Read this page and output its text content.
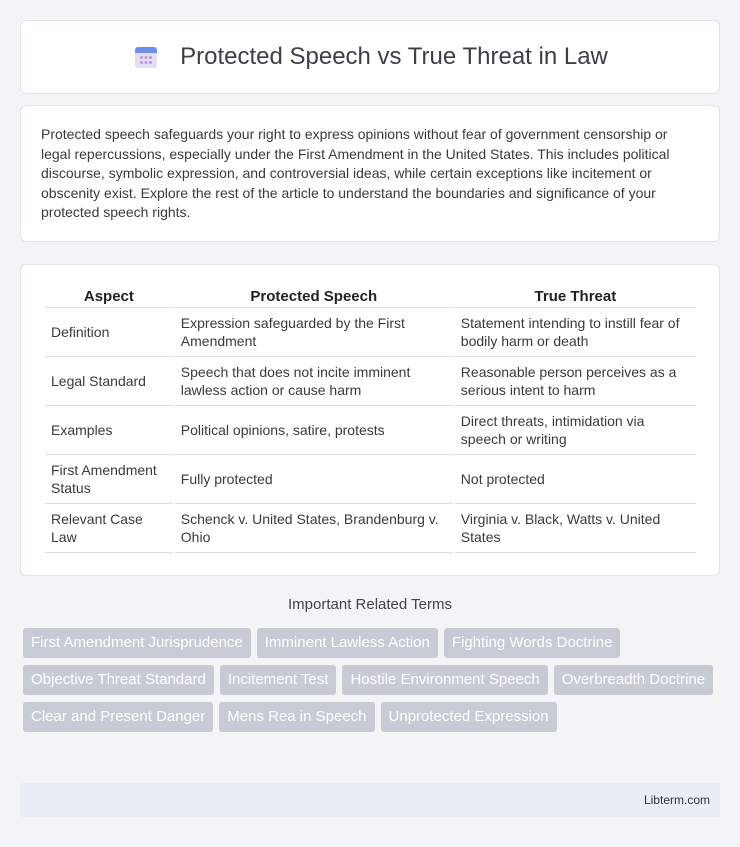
Protected Speech vs True Threat in Law

Protected speech safeguards your right to express opinions without fear of government censorship or legal repercussions, especially under the First Amendment in the United States. This includes political discourse, symbolic expression, and controversial ideas, while certain exceptions like incitement or obscenity exist. Explore the rest of the article to understand the boundaries and significance of your protected speech rights.

Aspect	Protected Speech	True Threat
Definition	Expression safeguarded by the First Amendment	Statement intending to instill fear of bodily harm or death
Legal Standard	Speech that does not incite imminent lawless action or cause harm	Reasonable person perceives as a serious intent to harm
Examples	Political opinions, satire, protests	Direct threats, intimidation via speech or writing
First Amendment Status	Fully protected	Not protected
Relevant Case Law	Schenck v. United States, Brandenburg v. Ohio	Virginia v. Black, Watts v. United States
Important Related Terms
First Amendment Jurisprudence	Imminent Lawless Action	Fighting Words Doctrine
Objective Threat Standard	Incitement Test	Hostile Environment Speech	Overbreadth Doctrine
Clear and Present Danger	Mens Rea in Speech	Unprotected Expression
Libterm.com
